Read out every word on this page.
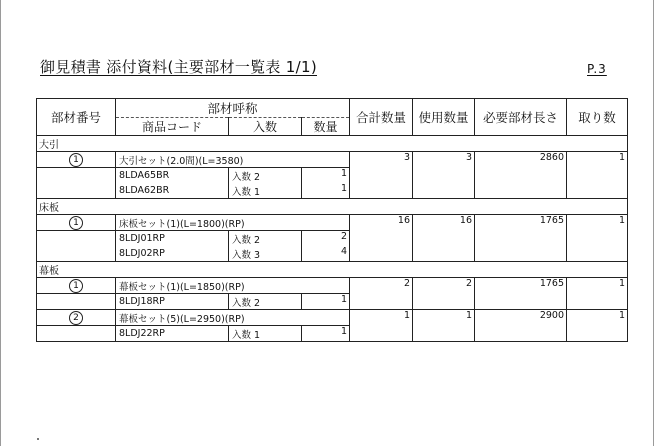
御見積書 添付資料(主要部材一覧表 1/1)	P.3
部材番号	部材呼称			合計数量	使用数量	必要部材長さ	取り数
	商品コード	入数	数量				
大引							
1	大引セット(2.0間)(L=3580)			3	3	2860	1
	8LDA65BR	入数 2	1				
	8LDA62BR	入数 1	1				
床板							
1	床板セット(1)(L=1800)(RP)			16	16	1765	1
	8LDJ01RP	入数 2	2				
	8LDJ02RP	入数 3	4				
幕板							
1	幕板セット(1)(L=1850)(RP)			2	2	1765	1
	8LDJ18RP	入数 2	1				
2	幕板セット(5)(L=2950)(RP)			1	1	2900	1
	8LDJ22RP	入数 1	1				
